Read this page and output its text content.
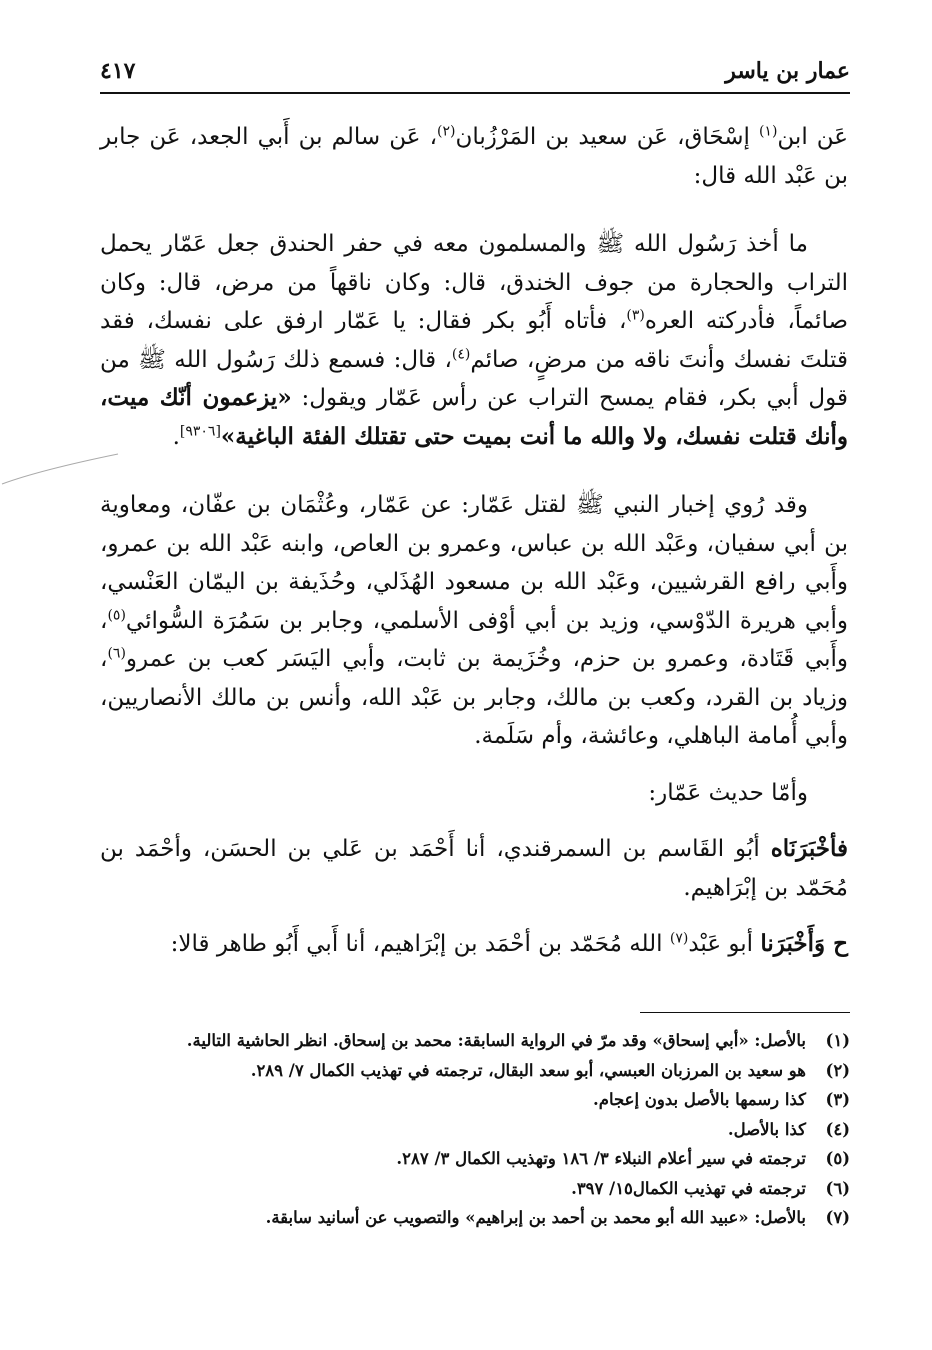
عمار بن ياسر
٤١٧

عَن ابن$^{(١)}$ إسْحَاق، عَن سعيد بن المَرْزُبان$^{(٢)}$، عَن سالم بن أَبي الجعد، عَن جابر بن عَبْد الله قال:

ما أخذ رَسُول الله ﷺ والمسلمون معه في حفر الحندق جعل عَمّار يحمل التراب والحجارة من جوف الخندق، قال: وكان ناقهاً من مرض، قال: وكان صائماً، فأدركته العره$^{(٣)}$، فأتاه أَبُو بكر فقال: يا عَمّار ارفق على نفسك، فقد قتلتَ نفسك وأنتَ ناقه من مرضٍ، صائم$^{(٤)}$، قال: فسمع ذلك رَسُول الله ﷺ من قول أبي بكر، فقام يمسح التراب عن رأس عَمّار ويقول: «يزعمون أنّك ميت، وأنك قتلت نفسك، ولا والله ما أنت بميت حتى تقتلك الفئة الباغية»[٩٣٠٦].

وقد رُوي إخبار النبي ﷺ لقتل عَمّار: عن عَمّار، وعُثْمَان بن عفّان، ومعاوية بن أبي سفيان، وعَبْد الله بن عباس، وعمرو بن العاص، وابنه عَبْد الله بن عمرو، وأَبي رافع القرشيين، وعَبْد الله بن مسعود الهُذَلي، وحُذَيفة بن اليمّان العَنْسي، وأبي هريرة الدّوْسي، وزيد بن أبي أوْفى الأسلمي، وجابر بن سَمُرَة السُّوائي$^{(٥)}$، وأَبي قَتَادة، وعمرو بن حزم، وخُزَيمة بن ثابت، وأبي اليَسَر كعب بن عمرو$^{(٦)}$، وزياد بن القرد، وكعب بن مالك، وجابر بن عَبْد الله، وأنس بن مالك الأنصاريين، وأبي أُمامة الباهلي، وعائشة، وأم سَلَمة.

وأمّا حديث عَمّار:

فأخْبَرَنَاه أبُو القَاسم بن السمرقندي، أنا أَحْمَد بن عَلي بن الحسَن، وأحْمَد بن مُحَمّد بن إبْرَاهيم.

ح وَأَخْبَرَنا أبو عَبْد$^{(٧)}$ الله مُحَمّد بن أحْمَد بن إبْرَاهيم، أنا أَبي أَبُو طاهر قالا:

(١)
بالأصل: «أبي إسحاق» وقد مرّ في الرواية السابقة: محمد بن إسحاق. انظر الحاشية التالية.
(٢)
هو سعيد بن المرزبان العبسي، أبو سعد البقال، ترجمته في تهذيب الكمال ٧/ ٢٨٩.
(٣)
كذا رسمها بالأصل بدون إعجام.
(٤)
كذا بالأصل.
(٥)
ترجمته في سير أعلام النبلاء ٣/ ١٨٦ وتهذيب الكمال ٣/ ٢٨٧.
(٦)
ترجمته في تهذيب الكمال١٥/ ٣٩٧.
(٧)
بالأصل: «عبيد الله أبو محمد بن أحمد بن إبراهيم» والتصويب عن أسانيد سابقة.
